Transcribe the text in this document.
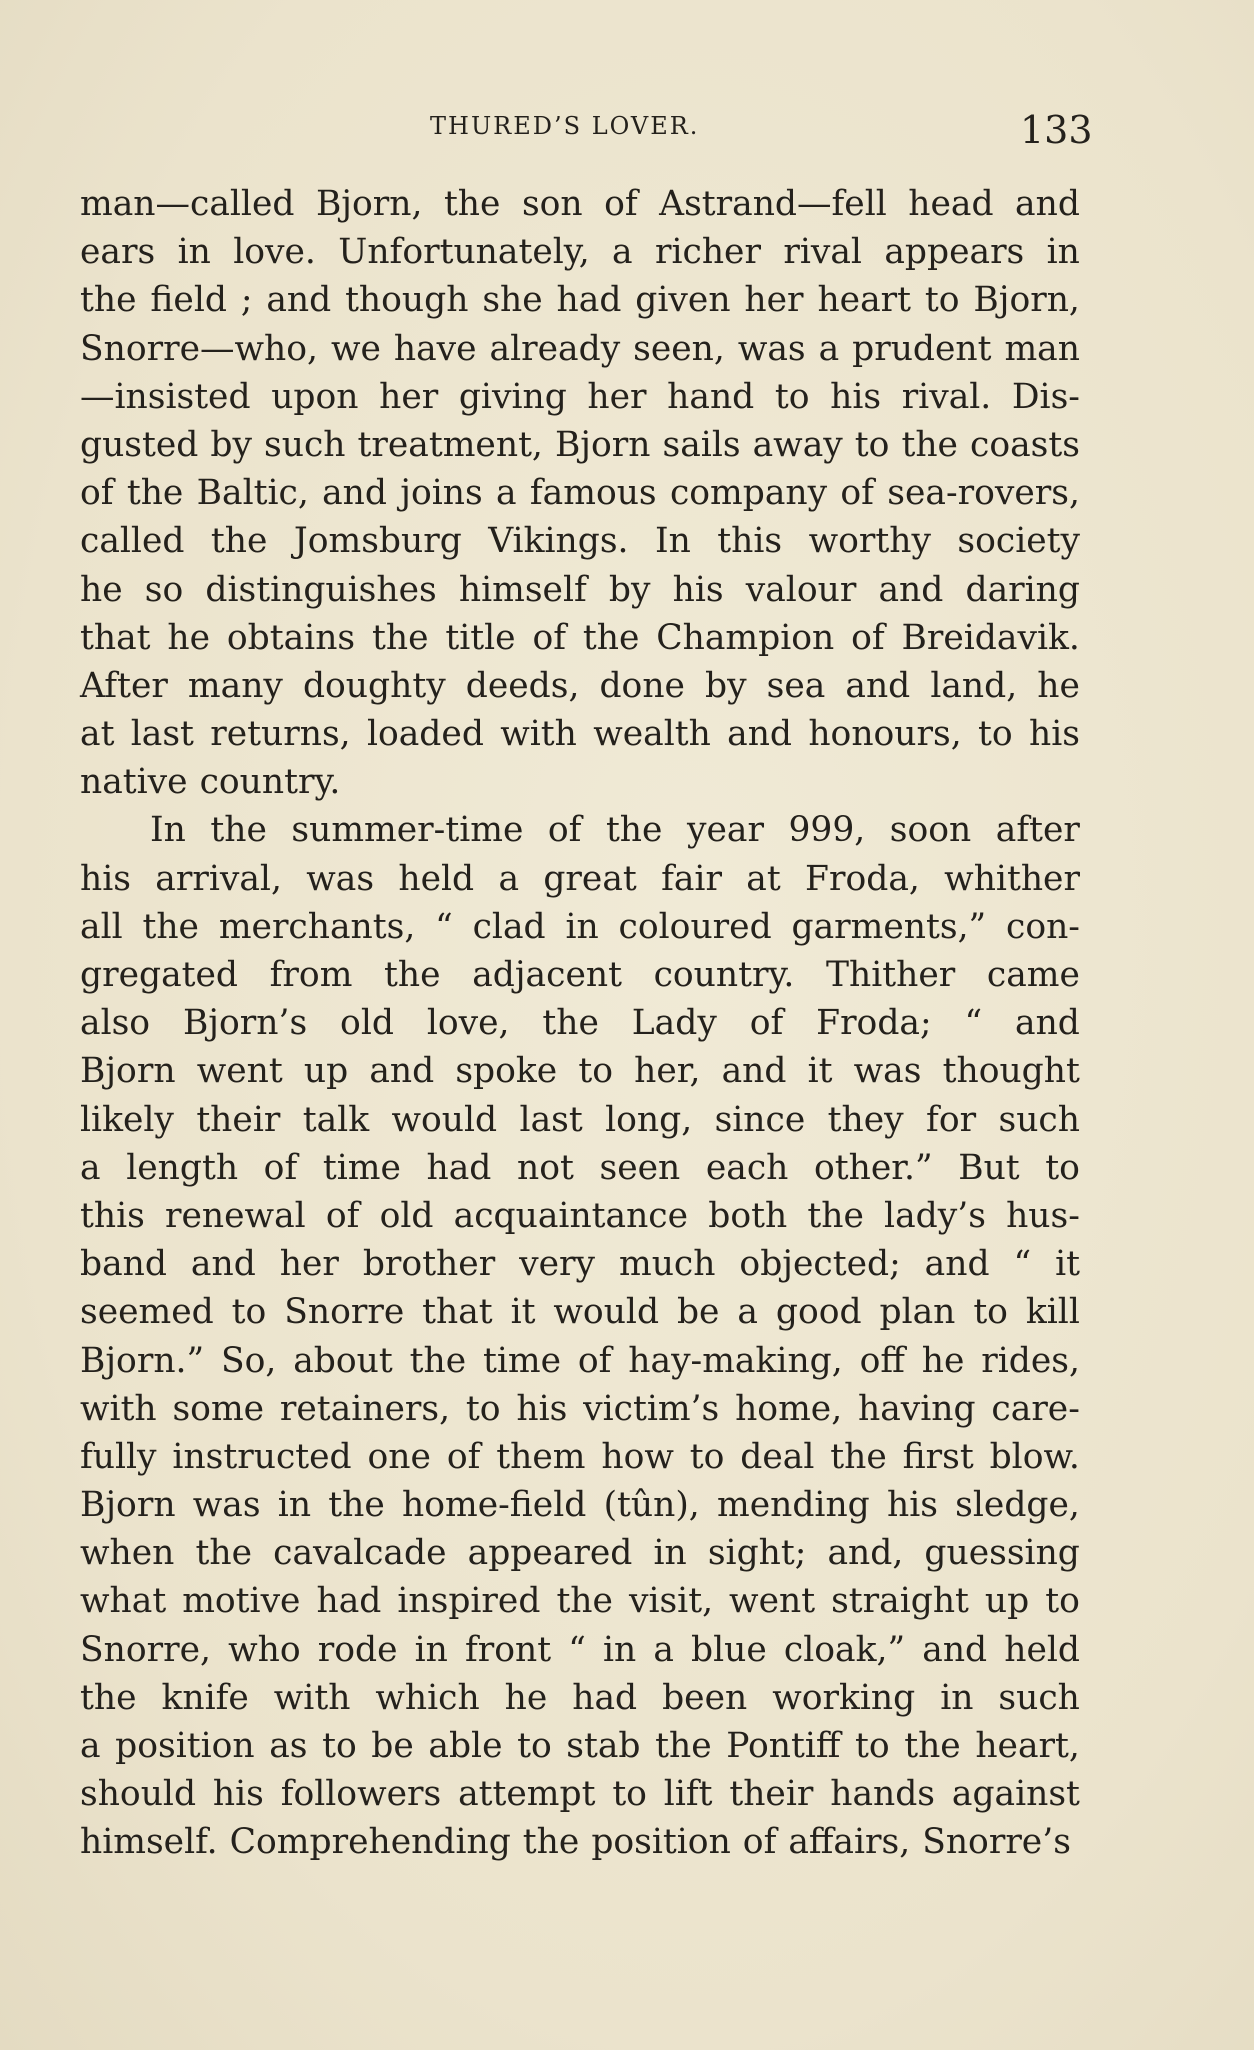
THURED’S LOVER.	133
man—called Bjorn, the son of Astrand—fell head and
ears in love. Unfortunately, a richer rival appears in
the field ; and though she had given her heart to Bjorn,
Snorre—who, we have already seen, was a prudent man
—insisted upon her giving her hand to his rival. Dis-
gusted by such treatment, Bjorn sails away to the coasts
of the Baltic, and joins a famous company of sea-rovers,
called the Jomsburg Vikings. In this worthy society
he so distinguishes himself by his valour and daring
that he obtains the title of the Champion of Breidavik.
After many doughty deeds, done by sea and land, he
at last returns, loaded with wealth and honours, to his
native country.
In the summer-time of the year 999, soon after
his arrival, was held a great fair at Froda, whither
all the merchants, “ clad in coloured garments,” con-
gregated from the adjacent country. Thither came
also Bjorn’s old love, the Lady of Froda; “ and
Bjorn went up and spoke to her, and it was thought
likely their talk would last long, since they for such
a length of time had not seen each other.” But to
this renewal of old acquaintance both the lady’s hus-
band and her brother very much objected; and “ it
seemed to Snorre that it would be a good plan to kill
Bjorn.” So, about the time of hay-making, off he rides,
with some retainers, to his victim’s home, having care-
fully instructed one of them how to deal the first blow.
Bjorn was in the home-field (tûn), mending his sledge,
when the cavalcade appeared in sight; and, guessing
what motive had inspired the visit, went straight up to
Snorre, who rode in front “ in a blue cloak,” and held
the knife with which he had been working in such
a position as to be able to stab the Pontiff to the heart,
should his followers attempt to lift their hands against
himself. Comprehending the position of affairs, Snorre’s
